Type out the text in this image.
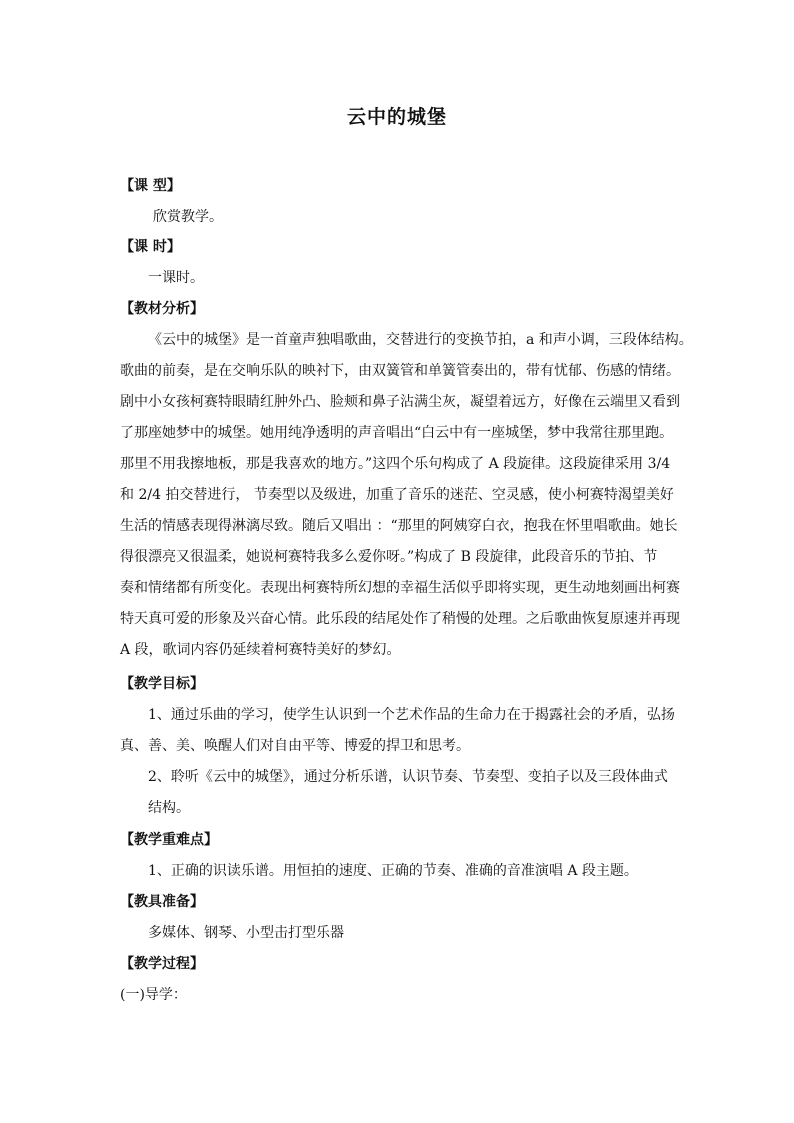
云中的城堡
【课 型】
欣赏教学。
【课 时】
一课时。
【教材分析】
《云中的城堡》是一首童声独唱歌曲，交替进行的变换节拍，a 和声小调，三段体结构。
歌曲的前奏，是在交响乐队的映衬下，由双簧管和单簧管奏出的，带有忧郁、伤感的情绪。
剧中小女孩柯赛特眼睛红肿外凸、脸颊和鼻子沾满尘灰，凝望着远方，好像在云端里又看到
了那座她梦中的城堡。她用纯净透明的声音唱出“白云中有一座城堡，梦中我常往那里跑。
那里不用我擦地板，那是我喜欢的地方。”这四个乐句构成了 A 段旋律。这段旋律采用 3/4
和 2/4 拍交替进行， 节奏型以及级进，加重了音乐的迷茫、空灵感，使小柯赛特渴望美好
生活的情感表现得淋漓尽致。随后又唱出 ：“那里的阿姨穿白衣，抱我在怀里唱歌曲。她长
得很漂亮又很温柔，她说柯赛特我多么爱你呀。”构成了 B 段旋律，此段音乐的节拍、节
奏和情绪都有所变化。表现出柯赛特所幻想的幸福生活似乎即将实现，更生动地刻画出柯赛
特天真可爱的形象及兴奋心情。此乐段的结尾处作了稍慢的处理。之后歌曲恢复原速并再现
A 段，歌词内容仍延续着柯赛特美好的梦幻。
【教学目标】
1、通过乐曲的学习，使学生认识到一个艺术作品的生命力在于揭露社会的矛盾，弘扬
真、善、美、唤醒人们对自由平等、博爱的捍卫和思考。
2、聆听《云中的城堡》，通过分析乐谱，认识节奏、节奏型、变拍子以及三段体曲式
结构。
【教学重难点】
1、正确的识读乐谱。用恒拍的速度、正确的节奏、准确的音准演唱 A 段主题。
【教具准备】
多媒体、钢琴、小型击打型乐器
【教学过程】
(一)导学：
